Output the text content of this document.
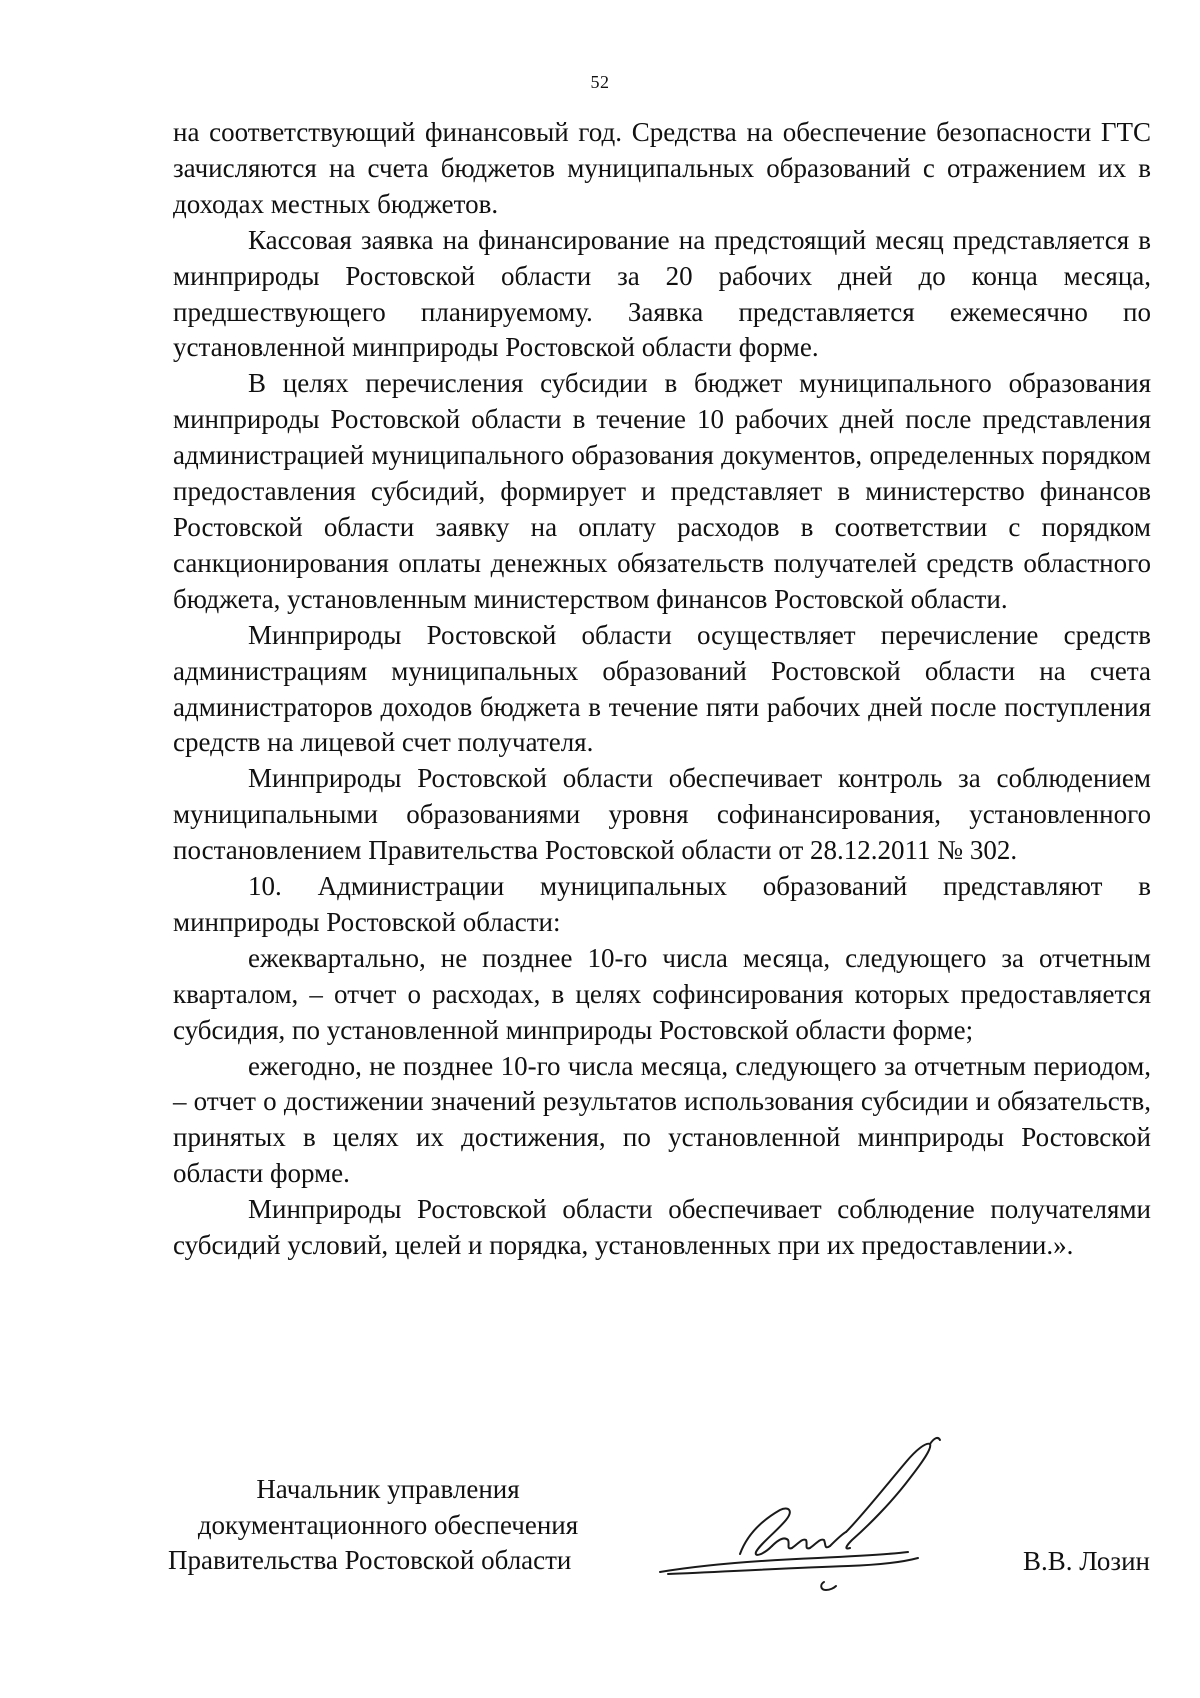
52

на соответствующий финансовый год. Средства на обеспечение безопасности ГТС зачисляются на счета бюджетов муниципальных образований с отражением их в доходах местных бюджетов.

Кассовая заявка на финансирование на предстоящий месяц представляется в минприроды Ростовской области за 20 рабочих дней до конца месяца, предшествующего планируемому. Заявка представляется ежемесячно по установленной минприроды Ростовской области форме.

В целях перечисления субсидии в бюджет муниципального образования минприроды Ростовской области в течение 10 рабочих дней после представления администрацией муниципального образования документов, определенных порядком предоставления субсидий, формирует и представляет в министерство финансов Ростовской области заявку на оплату расходов в соответствии с порядком санкционирования оплаты денежных обязательств получателей средств областного бюджета, установленным министерством финансов Ростовской области.

Минприроды Ростовской области осуществляет перечисление средств администрациям муниципальных образований Ростовской области на счета администраторов доходов бюджета в течение пяти рабочих дней после поступления средств на лицевой счет получателя.

Минприроды Ростовской области обеспечивает контроль за соблюдением муниципальными образованиями уровня софинансирования, установленного постановлением Правительства Ростовской области от 28.12.2011 № 302.

10. Администрации муниципальных образований представляют в минприроды Ростовской области:

ежеквартально, не позднее 10-го числа месяца, следующего за отчетным кварталом, – отчет о расходах, в целях софинсирования которых предоставляется субсидия, по установленной минприроды Ростовской области форме;

ежегодно, не позднее 10-го числа месяца, следующего за отчетным периодом, – отчет о достижении значений результатов использования субсидии и обязательств, принятых в целях их достижения, по установленной минприроды Ростовской области форме.

Минприроды Ростовской области обеспечивает соблюдение получателями субсидий условий, целей и порядка, установленных при их предоставлении.».

Начальник управления
документационного обеспечения
Правительства Ростовской области	В.В. Лозин
